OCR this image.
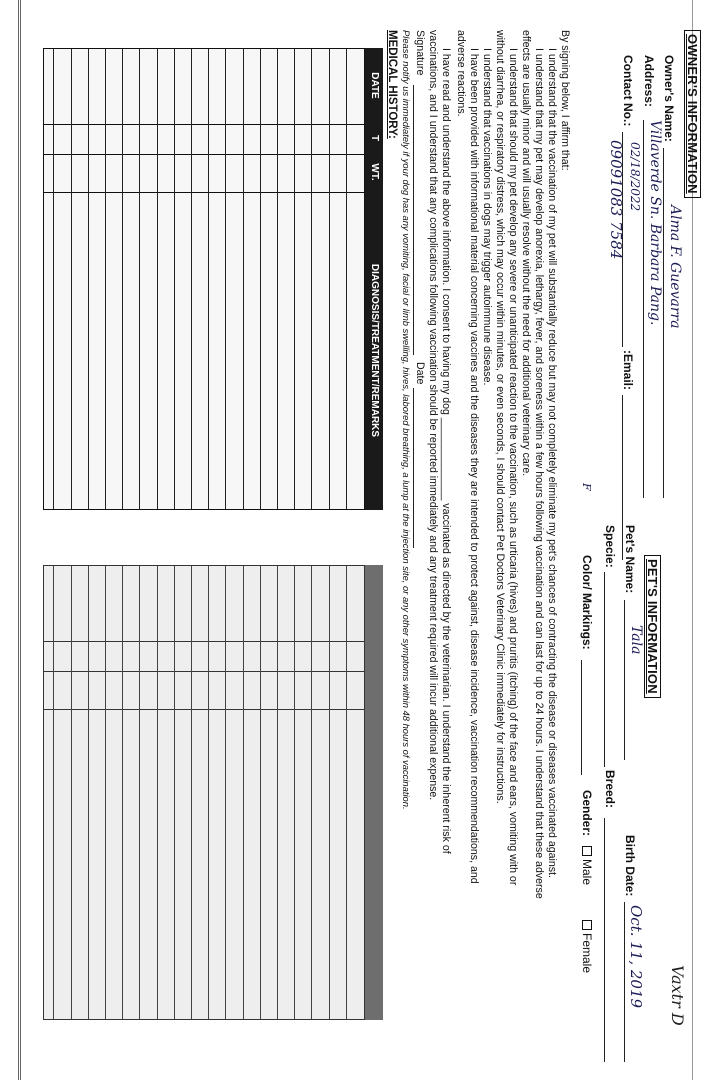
OWNER'S INFORMATION
Owner's Name:
Alma F. Guevarra
Address:
Villaverde Sn. Barbara Pang.
Contact No.:
02/18/2022
:Email:
09091083 7584
PET'S INFORMATION
Pet's Name:
Tala
Birth Date:
Oct. 11, 2019
Specie:
Breed:
Color/ Markings:
Gender:
Male
Female
F
By signing below, I affirm that:
I understand that the vaccination of my pet will substantially reduce but may not completely eliminate my pet's chances of contracting the disease or diseases vaccinated against.
I understand that my pet may develop anorexia, lethargy, fever, and soreness within a few hours following vaccination and can last for up to 24 hours. I understand that these adverse
effects are usually minor and will usually resolve without the need for additional veterinary care.
I understand that should my pet develop any severe or unanticipated reaction to the vaccination, such as urticaria (hives) and pruritis (itching) of the face and ears, vomiting with or
without diarrhea, or respiratory distress, which may occur within minutes, or even seconds, I should contact Pet Doctors Veterinary Clinic immediately for instructions.
I understand that vaccinations in dogs may trigger autoimmune disease.
I have been provided with informational material concerning vaccines and the diseases they are intended to protect against, disease incidence, vaccination recommendations, and
adverse reactions.
I have read and understand the above information. I consent to having my dog ______________ vaccinated as directed by the veterinarian. I understand the inherent risk of
vaccinations, and I understand that any complications following vaccination should be reported immediately and any treatment required will incur additional expense.
Signature
Date
Please notify us immediately if your dog has any vomiting, facial or limb swelling, hives, labored breathing, a lump at the injection site, or any other symptoms within 48 hours of vaccination.
MEDICAL HISTORY:
DATE
T
WT.
DIAGNOSIS/TREATMENT/REMARKS
Vaxtr D
